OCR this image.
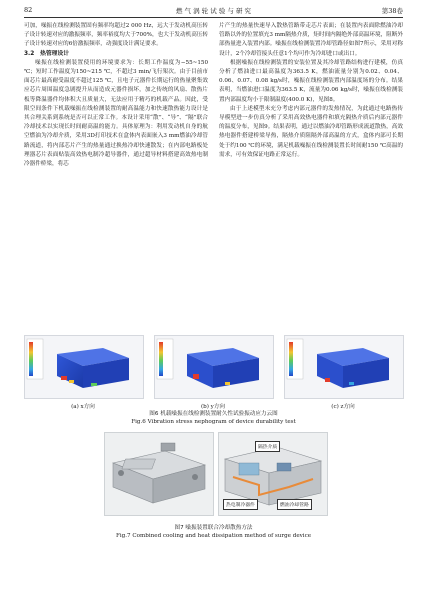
82	燃 气 涡 轮 试 验 与 研 究	第38卷

可加，噪振在线检测装置固有频率均超过2 000 Hz，远大于发动机高压转子设计转速对应的激振频率，频率裕度均大于700%，也大于发动机高压转子设计转速对应的6倍激振频率，动强度设计满足要求。

3.2　热管理设计

噪振在线检测装置使用的环境要求为：长期工作温度为−55~150 ℃；短时工作温度为150~215 ℃，不超过3 min/飞行架次。由于目前市面芯片最高耐受温度不超过125 ℃，且电子元器件长期运行的热量聚集效应芯片周围温度急剧提升从而造成元器件损坏，加之传统的风扇、散热片板等降温器件均体积大且质量大，无法应用于精巧的机载产品。因此，受限空间条件下机载噪振在线检测装置的耐高温能力和快速散热能力设计是其合理关系到系统是否可以正常工作。本设计采用“散”、“导”、“隔”联合冷却技术以实现长时间耐高温的能力。具体原理为：利用发动机自身的航空燃油为冷却介质，采用3D打印技术在盒体内表面嵌入3 mm燃油冷却管路流道，将内部芯片产生的热量通过换热冷却快速散发；在内部电路板处理器芯片表面贴装高效热电制冷超导器件，通过超导材料搭建高效热电制冷器件桥梁，将芯

片产生的热量快速导入散热管路带走芯片表面；在装置内表面除燃油冷却管路以外的位置填充3 mm隔热介质，矩时间内隔绝外部高温环境，阻断外部热量进入装置内部。噪振在线检测装置冷却管路径如图7所示，采用对称设计，2个冷却管接头任意1个均可作为冷却进口或出口。

根据噪振在线检测装置的安装位置及其冷却管路结构进行建模，仿真分析了燃油进口最高温度为363.5 K，燃油流量分别为0.02、0.04、0.06、0.07、0.08 kg/s时，噪振在线检测装置内部温度场的分布。结果表明，当燃油进口温度为363.5 K，流量为0.06 kg/s时，噪振在线检测装置内部温度均小于限制温度(400.0 K)，见图8。

由于上述模型未充分考虑内部元器件的发热情况，为此通过电路热传导模型进一步仿真分析了采用高效热电器件和填充隔热介质后内部元器件的温度分布，见图9。结果表明，通过以燃油冷却管路形成流道散热，高效热电器件搭建桥梁导热，隔热介质阻隔外部高温的方式，盒体内部可长期处于约100 ℃的环境，满足机载噪振在线检测装置长时间耐150 ℃高温的需求，可有效保证电路正常运行。

(a) x方向	(b) y方向	(c) z方向
图6 机载噪振在线检测装置耐久性试验振动应力云图
Fig.6 Vibration stress nephogram of device durability test
隔热介质
热电制冷器件	燃油冷却管路
图7 噪振装置联合冷却散热方法
Fig.7 Combined cooling and heat dissipation method of surge device
